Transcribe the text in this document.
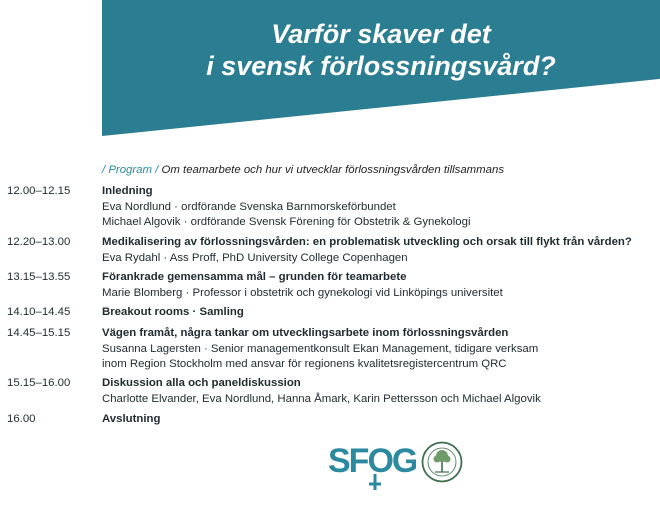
Varför skaver det
i svensk förlossningsvård?
/ Program / Om teamarbete och hur vi utvecklar förlossningsvården tillsammans
12.00–12.15	Inledning
Eva Nordlund · ordförande Svenska Barnmorskeförbundet
Michael Algovik · ordförande Svensk Förening för Obstetrik & Gynekologi
12.20–13.00	Medikalisering av förlossningsvården: en problematisk utveckling och orsak till flykt från vården?
Eva Rydahl · Ass Proff, PhD University College Copenhagen
13.15–13.55	Förankrade gemensamma mål – grunden för teamarbete
Marie Blomberg · Professor i obstetrik och gynekologi vid Linköpings universitet
14.10–14.45	Breakout rooms · Samling
14.45–15.15	Vägen framåt, några tankar om utvecklingsarbete inom förlossningsvården
Susanna Lagersten · Senior managementkonsult Ekan Management, tidigare verksam
inom Region Stockholm med ansvar för regionens kvalitetsregistercentrum QRC
15.15–16.00	Diskussion alla och paneldiskussion
Charlotte Elvander, Eva Nordlund, Hanna Åmark, Karin Pettersson och Michael Algovik
16.00	Avslutning
SFOG
